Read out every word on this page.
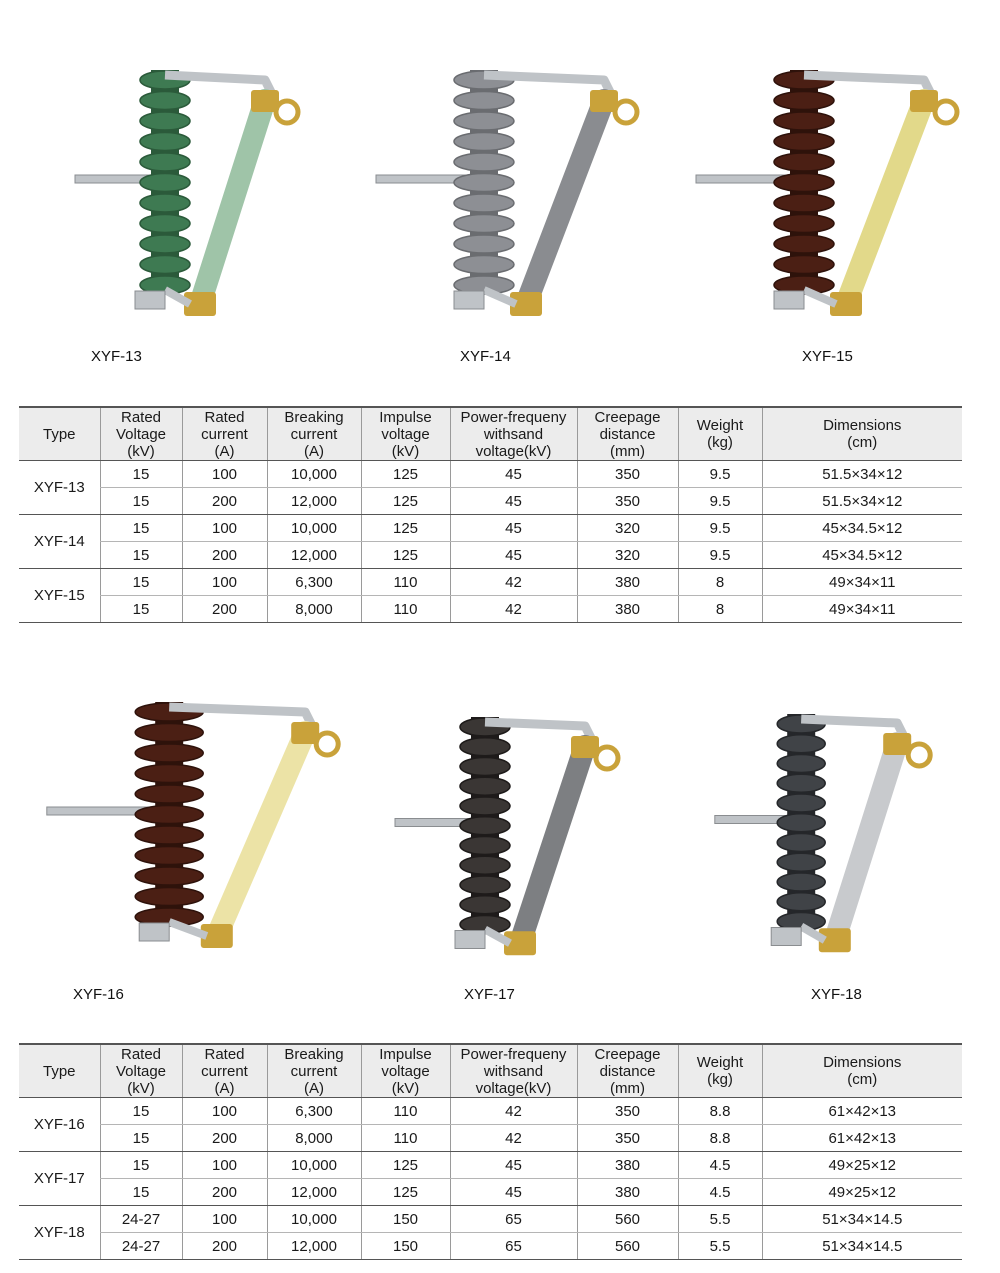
XYF-13	XYF-14	XYF-15
Type	Rated
Voltage
(kV)	Rated
current
(A)	Breaking
current
(A)	Impulse
voltage
(kV)	Power-frequeny
withsand
voltage(kV)	Creepage
distance
(mm)	Weight
(kg)	Dimensions
(cm)
XYF-13	15	100	10,000	125	45	350	9.5	51.5×34×12
	15	200	12,000	125	45	350	9.5	51.5×34×12
XYF-14	15	100	10,000	125	45	320	9.5	45×34.5×12
	15	200	12,000	125	45	320	9.5	45×34.5×12
XYF-15	15	100	6,300	110	42	380	8	49×34×11
	15	200	8,000	110	42	380	8	49×34×11
XYF-16	XYF-17	XYF-18
Type	Rated
Voltage
(kV)	Rated
current
(A)	Breaking
current
(A)	Impulse
voltage
(kV)	Power-frequeny
withsand
voltage(kV)	Creepage
distance
(mm)	Weight
(kg)	Dimensions
(cm)
XYF-16	15	100	6,300	110	42	350	8.8	61×42×13
	15	200	8,000	110	42	350	8.8	61×42×13
XYF-17	15	100	10,000	125	45	380	4.5	49×25×12
	15	200	12,000	125	45	380	4.5	49×25×12
XYF-18	24-27	100	10,000	150	65	560	5.5	51×34×14.5
	24-27	200	12,000	150	65	560	5.5	51×34×14.5
